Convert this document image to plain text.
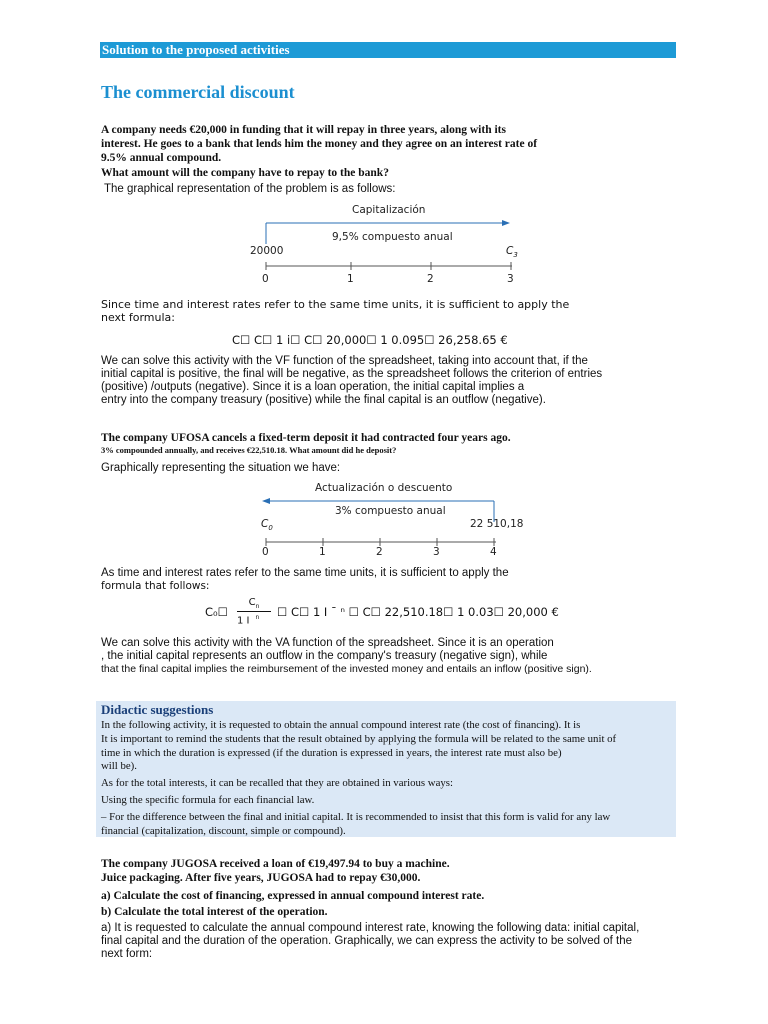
Solution to the proposed activities
The commercial discount
A company needs €20,000 in funding that it will repay in three years, along with its
interest. He goes to a bank that lends him the money and they agree on an interest rate of
9.5% annual compound.
What amount will the company have to repay to the bank?
The graphical representation of the problem is as follows:
Capitalización
9,5% compuesto anual
20000	$C_3$
0	1	2	3
Since time and interest rates refer to the same time units, it is sufficient to apply the
next formula:
C☐ C☐ 1 i☐ C☐ 20,000☐ 1 0.095☐ 26,258.65 €
We can solve this activity with the VF function of the spreadsheet, taking into account that, if the
initial capital is positive, the final will be negative, as the spreadsheet follows the criterion of entries
(positive) /outputs (negative). Since it is a loan operation, the initial capital implies a
entry into the company treasury (positive) while the final capital is an outflow (negative).
The company UFOSA cancels a fixed-term deposit it had contracted four years ago.
3% compounded annually, and receives €22,510.18. What amount did he deposit?
Graphically representing the situation we have:
Actualización o descuento
3% compuesto anual
$C_0$	22 510,18
0	1	2	3	4
As time and interest rates refer to the same time units, it is sufficient to apply the
formula that follows:
C₀☐
$C_n$
1 I $^n$ ☐ C☐ 1 I ˉ ⁿ ☐ C☐ 22,510.18☐ 1 0.03☐ 20,000 €
We can solve this activity with the VA function of the spreadsheet. Since it is an operation
, the initial capital represents an outflow in the company's treasury (negative sign), while
that the final capital implies the reimbursement of the invested money and entails an inflow (positive sign).
Didactic suggestions
In the following activity, it is requested to obtain the annual compound interest rate (the cost of financing). It is
It is important to remind the students that the result obtained by applying the formula will be related to the same unit of
time in which the duration is expressed (if the duration is expressed in years, the interest rate must also be)
will be).
As for the total interests, it can be recalled that they are obtained in various ways:
Using the specific formula for each financial law.
– For the difference between the final and initial capital. It is recommended to insist that this form is valid for any law
financial (capitalization, discount, simple or compound).
The company JUGOSA received a loan of €19,497.94 to buy a machine.
Juice packaging. After five years, JUGOSA had to repay €30,000.
a) Calculate the cost of financing, expressed in annual compound interest rate.
b) Calculate the total interest of the operation.
a) It is requested to calculate the annual compound interest rate, knowing the following data: initial capital,
final capital and the duration of the operation. Graphically, we can express the activity to be solved of the
next form:
